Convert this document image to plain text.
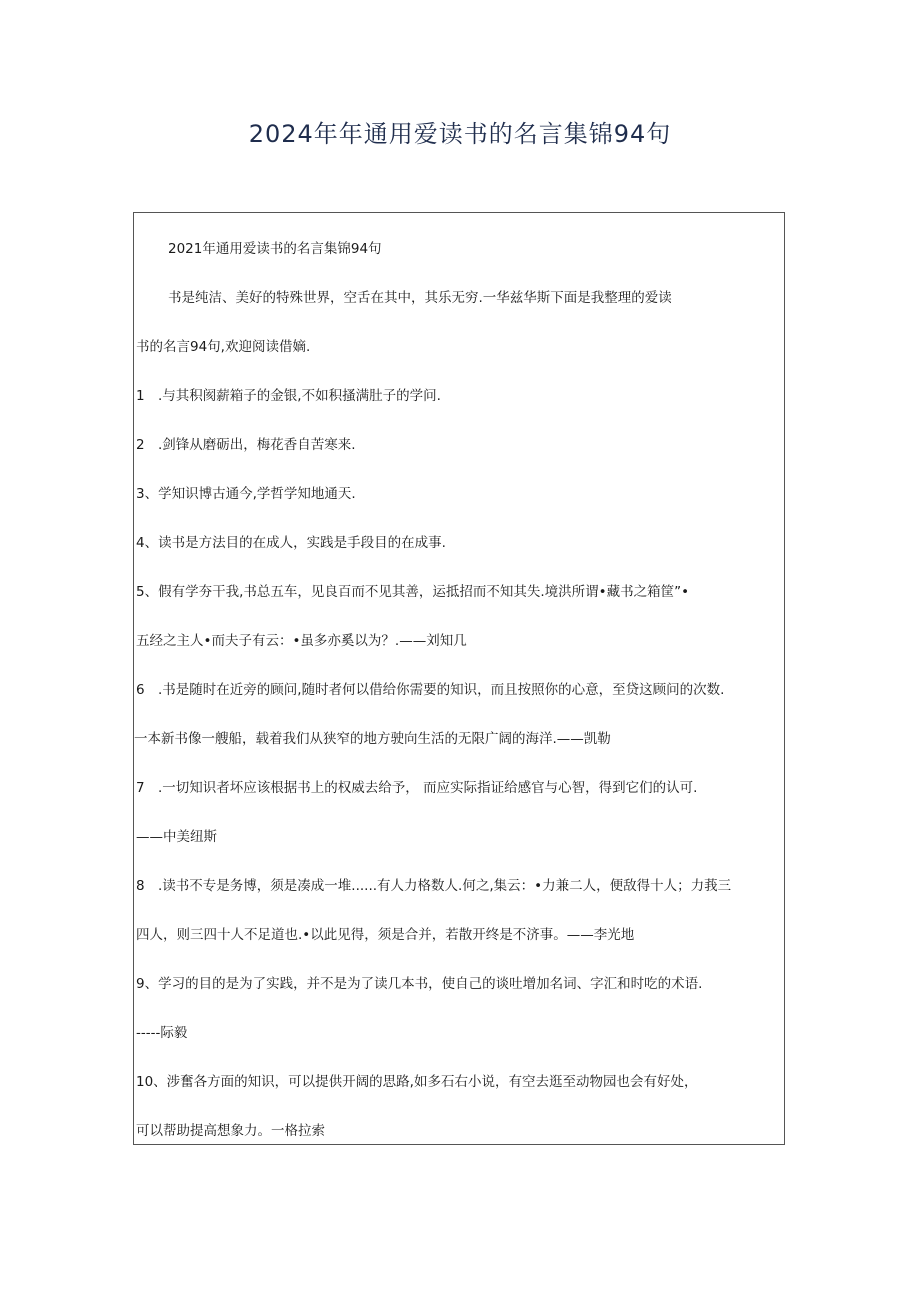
2024年年通用爱读书的名言集锦94句
2021年通用爱读书的名言集锦94句
书是纯洁、美好的特殊世界，空舌在其中，其乐无穷.一华兹华斯下面是我整理的爱读
书的名言94句,欢迎阅读借嫡.
1 .与其积阂薪箱子的金银,不如积搔满肚子的学问.
2 .剑锋从磨砺出，梅花香自苦寒来.
3、学知识博古通今,学哲学知地通天.
4、读书是方法目的在成人，实践是手段目的在成事.
5、假有学夯干我,书总五车，见良百而不见其善，运抵招而不知其失.境洪所谓•藏书之箱筐”•
五经之主人•而夫子有云：•虽多亦奚以为？.——刘知几
6 .书是随时在近旁的顾问,随时者何以借给你需要的知识，而且按照你的心意，至贷这顾问的次数.
一本新书像一艘船，载着我们从狭窄的地方驶向生活的无限广阔的海洋.——凯勒
7 .一切知识者坏应该根据书上的权威去给予， 而应实际指证给感官与心智，得到它们的认可.
——中美纽斯
8 .读书不专是务博，须是凑成一堆......有人力格数人.何之,集云：•力兼二人，便敌得十人；力莪三
四人，则三四十人不足道也.•以此见得，须是合并，若散开终是不济事。——李光地
9、学习的目的是为了实践，并不是为了读几本书，使自己的谈吐增加名词、字汇和时吃的术语.
-----际毅
10、涉奮各方面的知识，可以提供开阔的思路,如多石右小说，有空去逛至动物园也会有好处，
可以帮助提高想象力。一格拉索
